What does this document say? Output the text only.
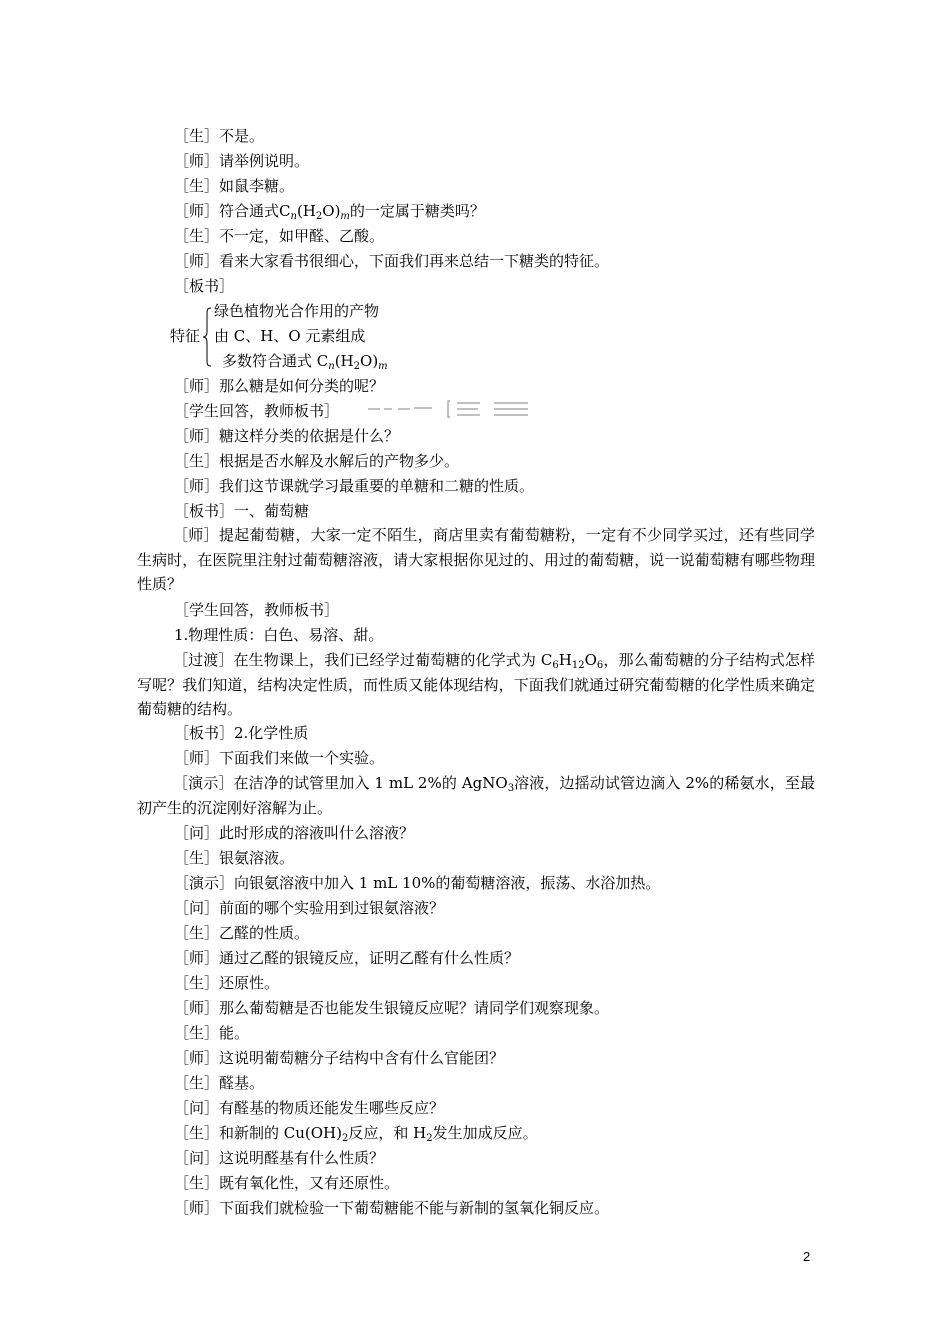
［生］不是。
［师］请举例说明。
［生］如鼠李糖。
［师］符合通式$C_n(H_2O)_m$的一定属于糖类吗？
［生］不一定，如甲醛、乙酸。
［师］看来大家看书很细心，下面我们再来总结一下糖类的特征。
［板书］
特征
绿色植物光合作用的产物
由 C、H、O 元素组成
多数符合通式 $C_n(H_2O)_m$
［师］那么糖是如何分类的呢？
［学生回答，教师板书］
［师］糖这样分类的依据是什么？
［生］根据是否水解及水解后的产物多少。
［师］我们这节课就学习最重要的单糖和二糖的性质。
［板书］一、葡萄糖
［师］提起葡萄糖，大家一定不陌生，商店里卖有葡萄糖粉，一定有不少同学买过，还有些同学生病时，在医院里注射过葡萄糖溶液，请大家根据你见过的、用过的葡萄糖，说一说葡萄糖有哪些物理性质？
［学生回答，教师板书］
1.物理性质：白色、易溶、甜。
［过渡］在生物课上，我们已经学过葡萄糖的化学式为 $C_6H_{12}O_6$，那么葡萄糖的分子结构式怎样写呢？我们知道，结构决定性质，而性质又能体现结构，下面我们就通过研究葡萄糖的化学性质来确定葡萄糖的结构。
［板书］2.化学性质
［师］下面我们来做一个实验。
［演示］在洁净的试管里加入 1 mL 2%的 AgNO$_3$溶液，边摇动试管边滴入 2%的稀氨水，至最初产生的沉淀刚好溶解为止。
［问］此时形成的溶液叫什么溶液？
［生］银氨溶液。
［演示］向银氨溶液中加入 1 mL 10%的葡萄糖溶液，振荡、水浴加热。
［问］前面的哪个实验用到过银氨溶液？
［生］乙醛的性质。
［师］通过乙醛的银镜反应，证明乙醛有什么性质？
［生］还原性。
［师］那么葡萄糖是否也能发生银镜反应呢？请同学们观察现象。
［生］能。
［师］这说明葡萄糖分子结构中含有什么官能团？
［生］醛基。
［问］有醛基的物质还能发生哪些反应？
［生］和新制的 $Cu(OH)_2$反应，和 $H_2$发生加成反应。
［问］这说明醛基有什么性质？
［生］既有氧化性，又有还原性。
［师］下面我们就检验一下葡萄糖能不能与新制的氢氧化铜反应。
2
